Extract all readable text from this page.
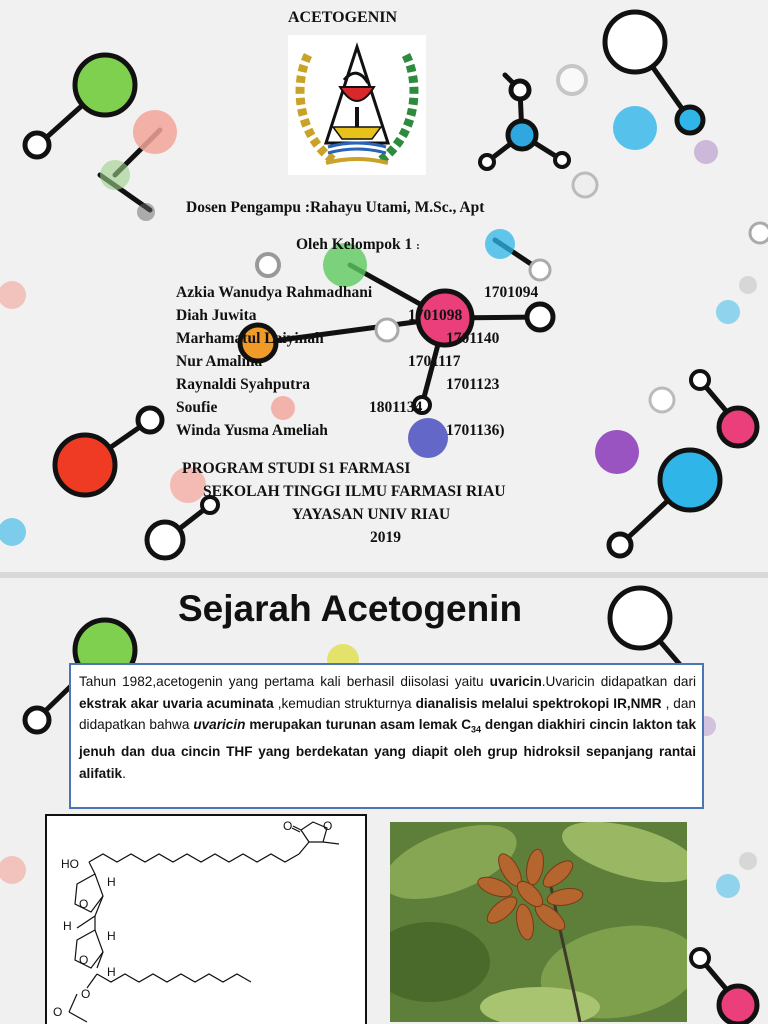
ACETOGENIN
Dosen Pengampu :Rahayu Utami, M.Sc., Apt
Oleh Kelompok 1 :
Azkia Wanudya Rahmadhani	1701094
Diah Juwita	1701098
Marhamatul Laiyinah	1701140
Nur Amalina	1701117
Raynaldi Syahputra	1701123
Soufie	1801134
Winda Yusma Ameliah	1701136)
PROGRAM STUDI S1 FARMASI
SEKOLAH TINGGI ILMU FARMASI RIAU
YAYASAN UNIV RIAU
2019
Sejarah Acetogenin
Tahun 1982,acetogenin yang pertama kali berhasil diisolasi yaitu uvaricin.Uvaricin didapatkan dari ekstrak akar uvaria acuminata ,kemudian strukturnya dianalisis melalui spektrokopi IR,NMR , dan didapatkan bahwa uvaricin merupakan turunan asam lemak $C_{34}$ dengan diakhiri cincin lakton tak jenuh dan dua cincin THF yang berdekatan yang diapit oleh grup hidroksil sepanjang rantai alifatik.
HO
H
H
H
H
O
O
O	O
O
O
